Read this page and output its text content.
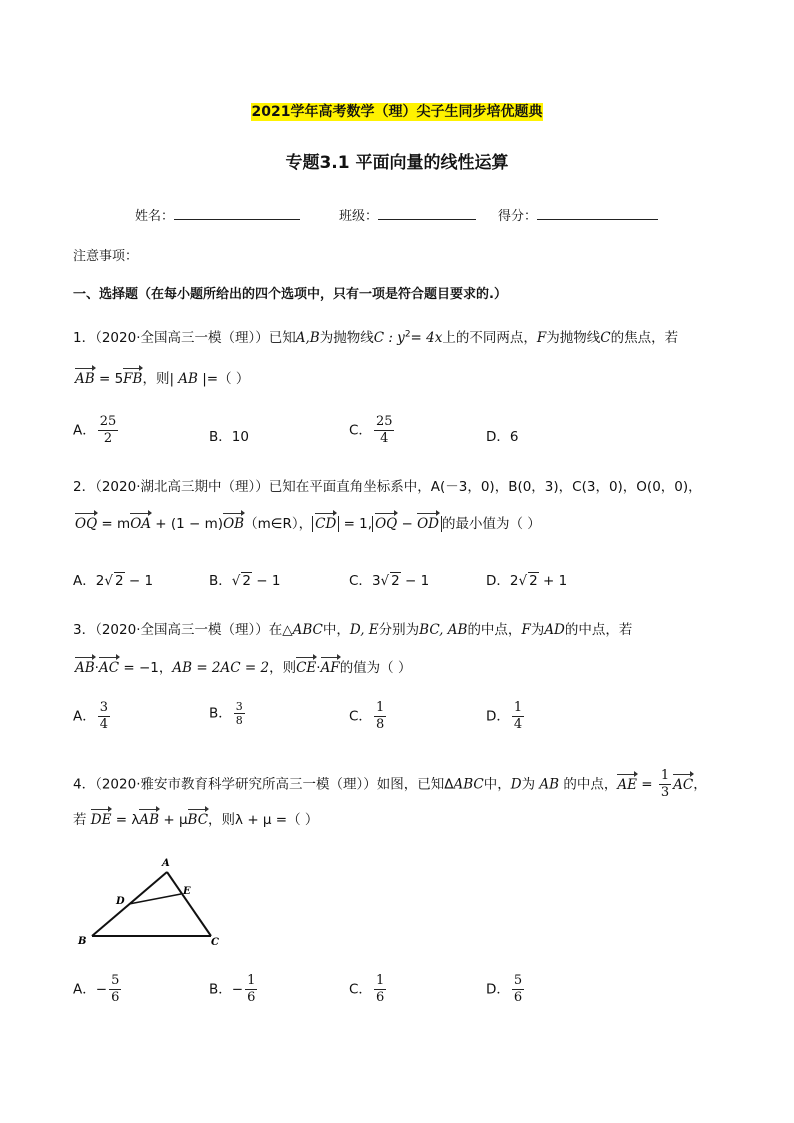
2021学年高考数学（理）尖子生同步培优题典
专题3.1 平面向量的线性运算
姓名：	班级：	得分：
注意事项：
一、选择题（在每小题所给出的四个选项中，只有一项是符合题目要求的.）
1．（2020·全国高三一模（理））已知A,B为抛物线C : $y^2= 4x$上的不同两点，F为抛物线C的焦点，若
AB = 5FB，则| AB |=（ ）
A． $\frac{25}{2}$	B．10	C． $\frac{25}{4}$	D．6
2．（2020·湖北高三期中（理））已知在平面直角坐标系中，A(－3，0)，B(0，3)，C(3，0)，O(0，0)，
OQ = mOA + (1 − m)OB（m∈R）， CD = 1, OQ − OD 的最小值为（ ）
A．2√ 2 − 1	B．√ 2 − 1	C．3√ 2 − 1	D．2√ 2 + 1
3．（2020·全国高三一模（理））在△ABC中，D, E分别为BC, AB的中点，F为AD的中点，若
AB·AC = −1，AB = 2AC = 2，则CE·AF的值为（ ）
A． $\frac{3}{4}$	B． $\frac{3}{8}$	C． $\frac{1}{8}$	D． $\frac{1}{4}$
4．（2020·雅安市教育科学研究所高三一模（理））如图，已知ΔABC中，D为 AB 的中点，AE = $\frac{1}{3}$ AC，
若 DE = λAB + μBC，则λ + μ =（ ）
A
D
E
B	C
A．− $\frac{5}{6}$	B．− $\frac{1}{6}$	C． $\frac{1}{6}$	D． $\frac{5}{6}$
